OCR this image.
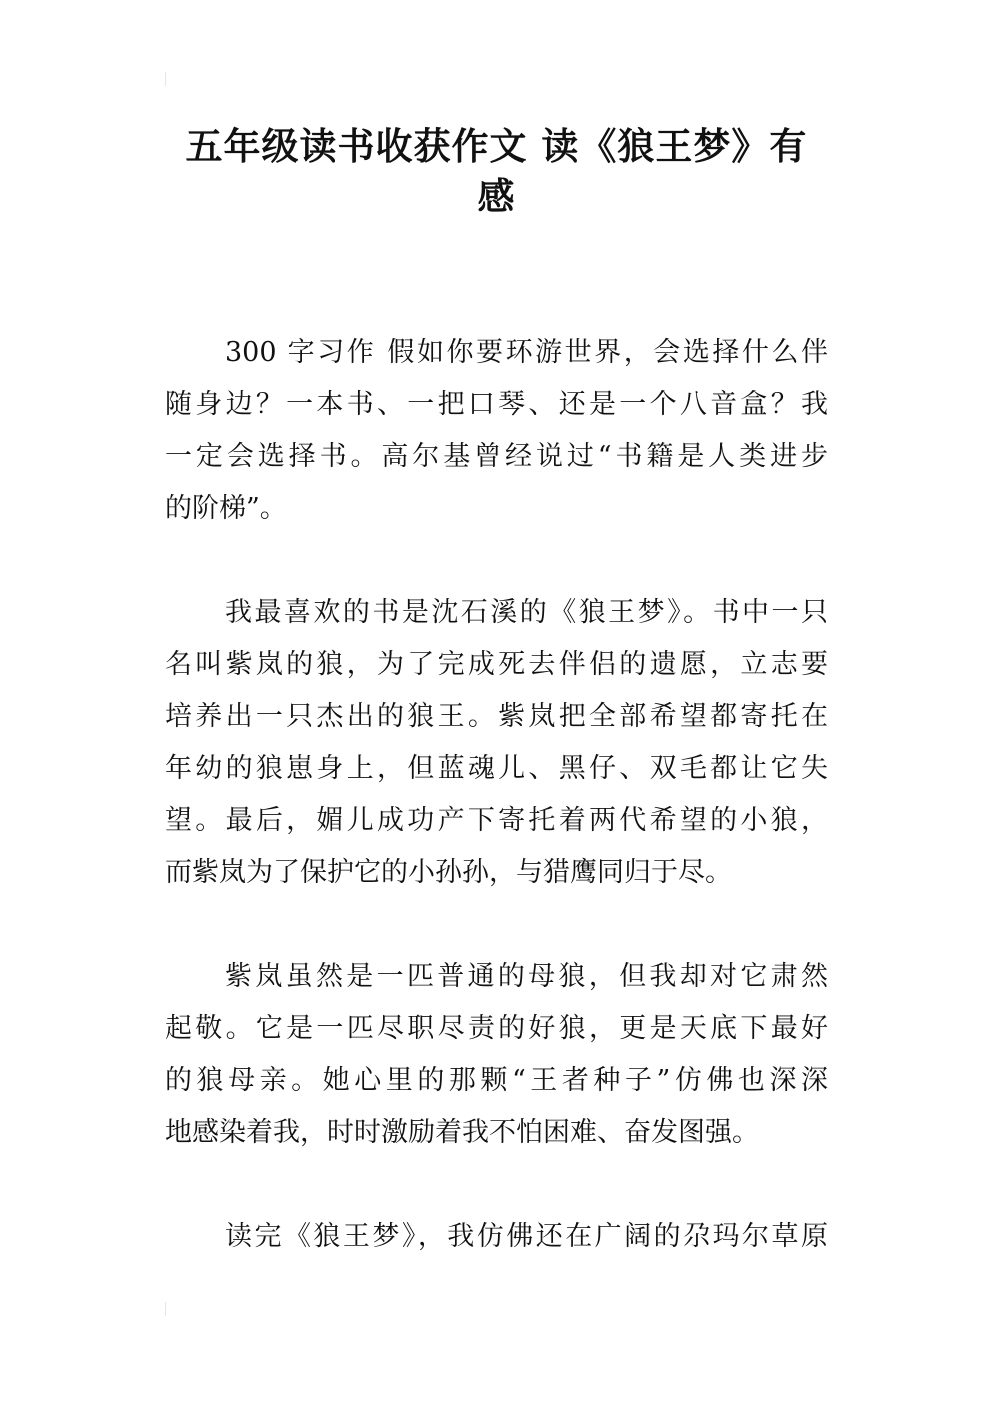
五年级读书收获作文 读《狼王梦》有
感
300 字习作 假如你要环游世界，会选择什么伴
随身边？一本书、一把口琴、还是一个八音盒？我
一定会选择书。高尔基曾经说过“书籍是人类进步
的阶梯”。
我最喜欢的书是沈石溪的《狼王梦》。书中一只
名叫紫岚的狼，为了完成死去伴侣的遗愿，立志要
培养出一只杰出的狼王。紫岚把全部希望都寄托在
年幼的狼崽身上，但蓝魂儿、黑仔、双毛都让它失
望。最后，媚儿成功产下寄托着两代希望的小狼，
而紫岚为了保护它的小孙孙，与猎鹰同归于尽。
紫岚虽然是一匹普通的母狼，但我却对它肃然
起敬。它是一匹尽职尽责的好狼，更是天底下最好
的狼母亲。她心里的那颗“王者种子”仿佛也深深
地感染着我，时时激励着我不怕困难、奋发图强。
读完《狼王梦》，我仿佛还在广阔的尕玛尔草原
